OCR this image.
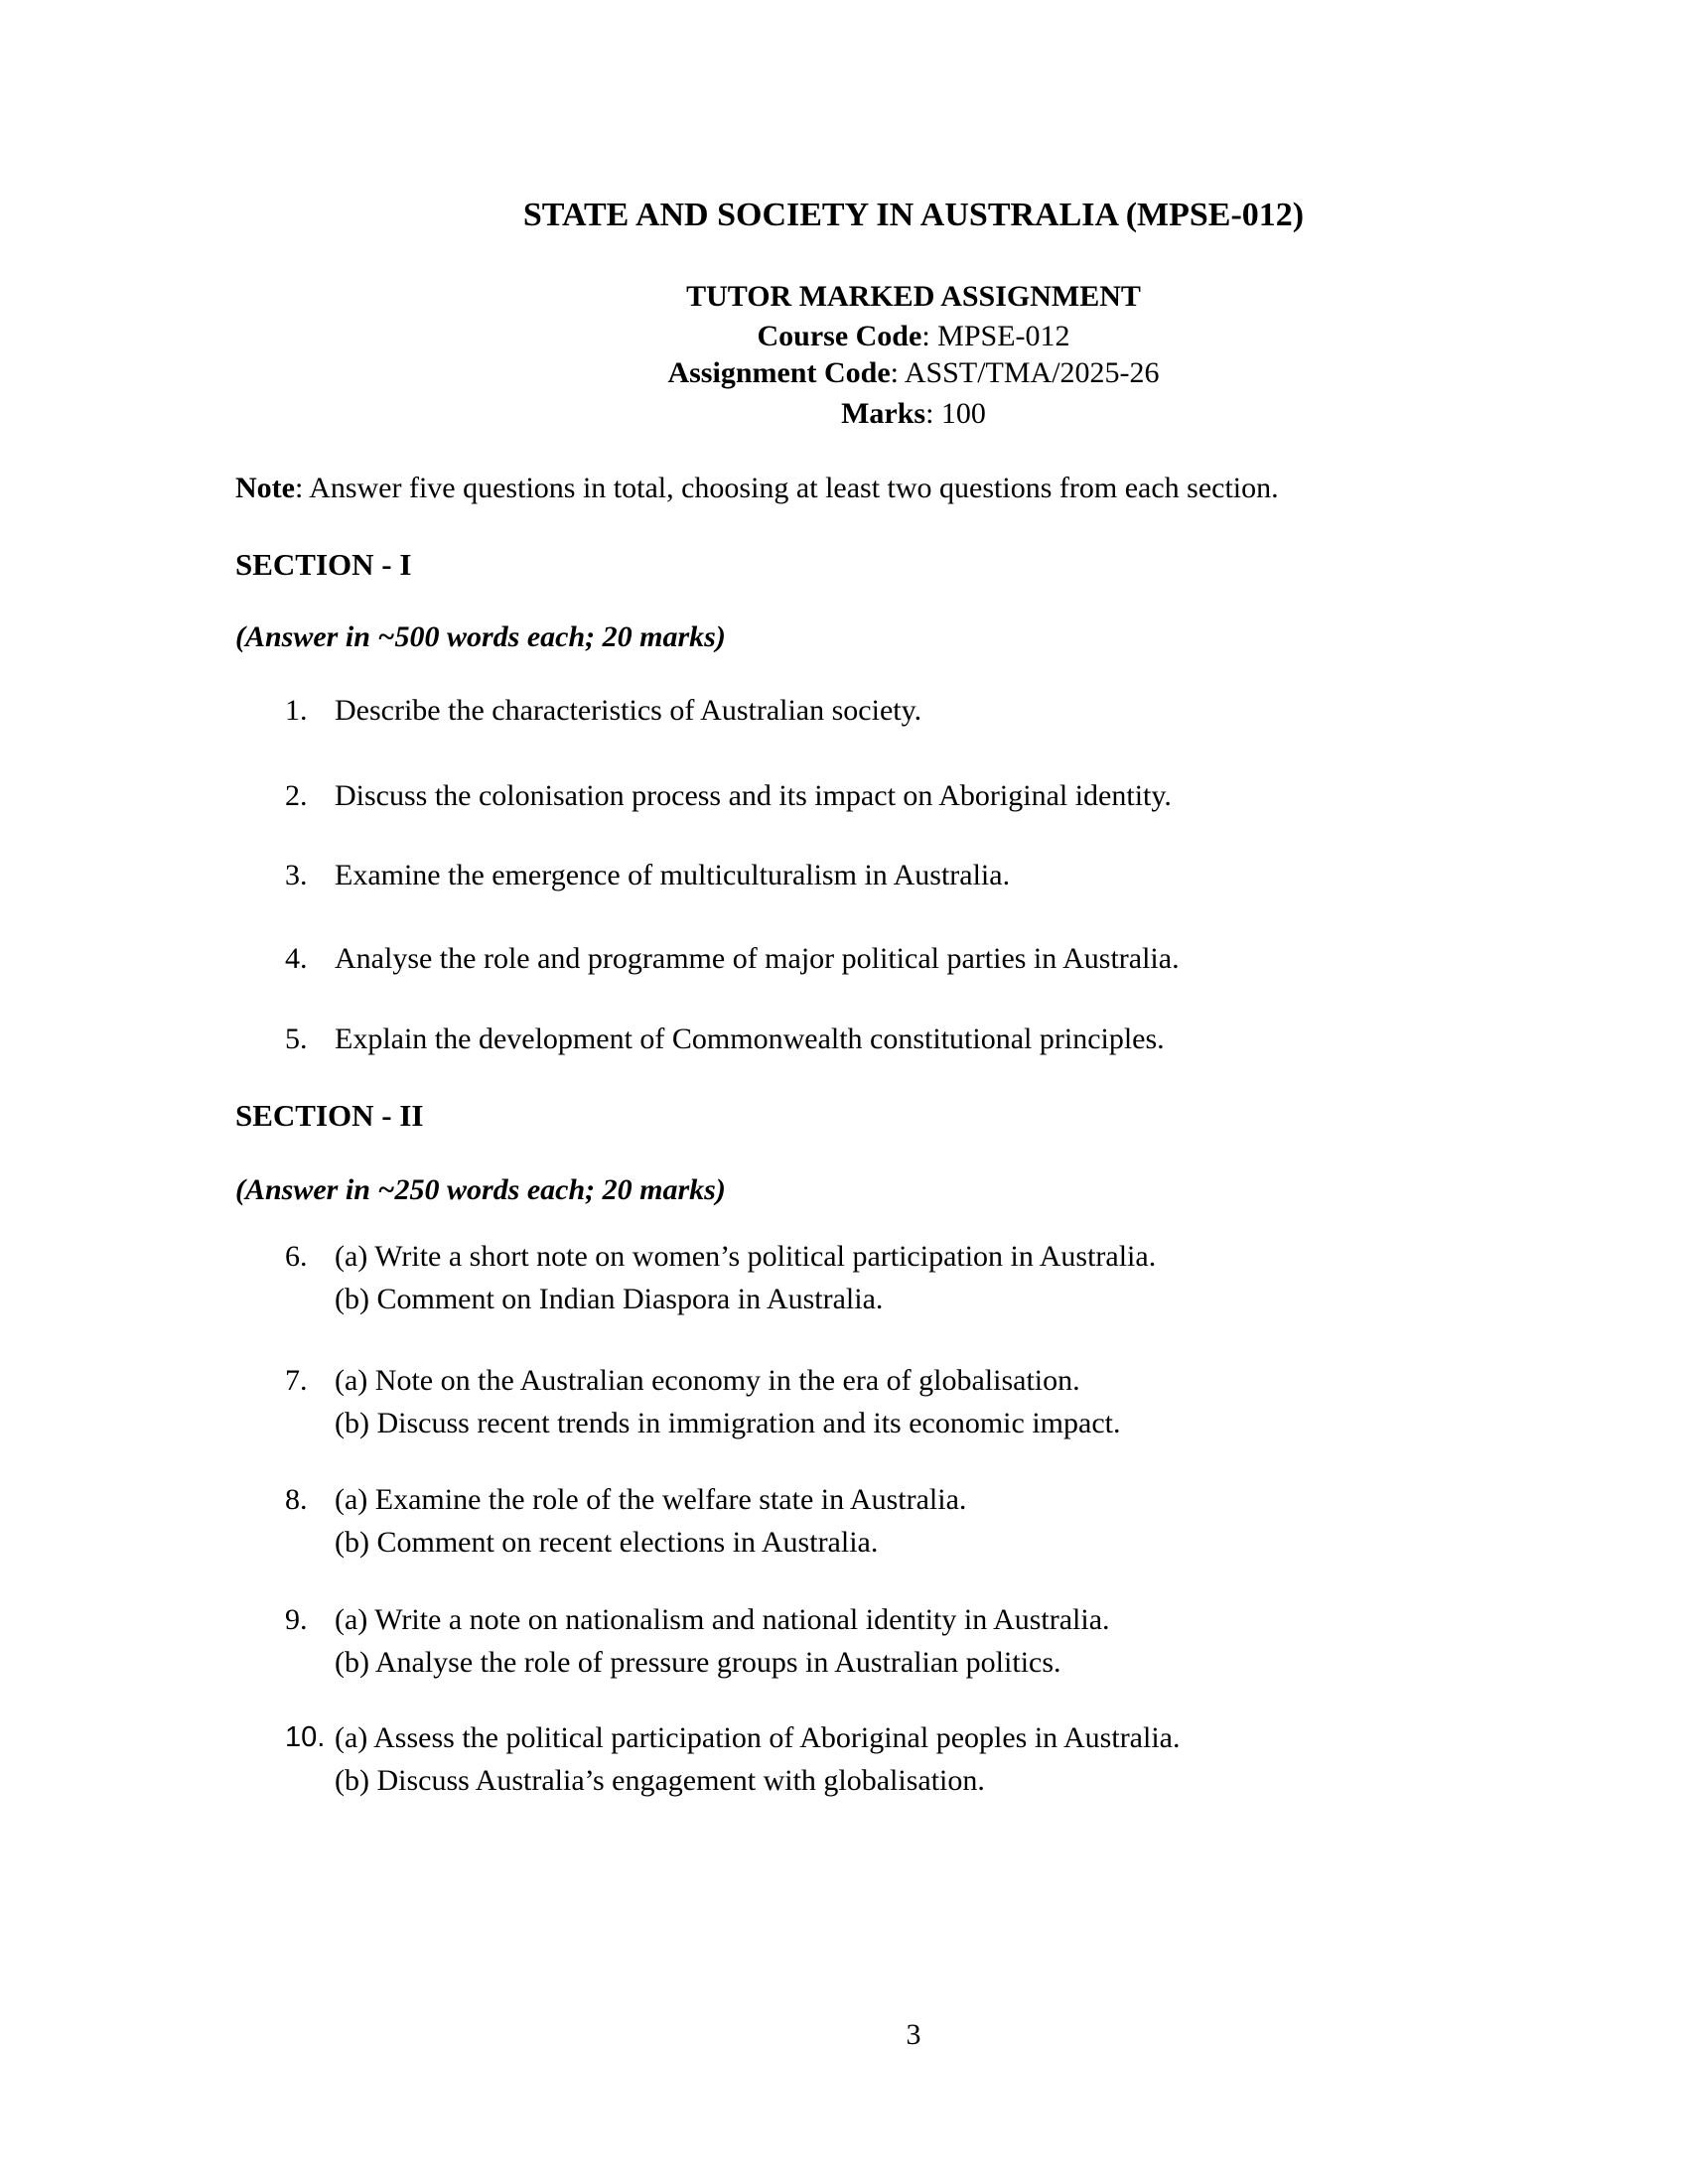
STATE AND SOCIETY IN AUSTRALIA (MPSE-012)
TUTOR MARKED ASSIGNMENT
Course Code: MPSE-012
Assignment Code: ASST/TMA/2025-26
Marks: 100
Note: Answer five questions in total, choosing at least two questions from each section.
SECTION - I
(Answer in ~500 words each; 20 marks)
1. Describe the characteristics of Australian society.
2. Discuss the colonisation process and its impact on Aboriginal identity.
3. Examine the emergence of multiculturalism in Australia.
4. Analyse the role and programme of major political parties in Australia.
5. Explain the development of Commonwealth constitutional principles.
SECTION - II
(Answer in ~250 words each; 20 marks)
6. (a) Write a short note on women’s political participation in Australia.
(b) Comment on Indian Diaspora in Australia.
7. (a) Note on the Australian economy in the era of globalisation.
(b) Discuss recent trends in immigration and its economic impact.
8. (a) Examine the role of the welfare state in Australia.
(b) Comment on recent elections in Australia.
9. (a) Write a note on nationalism and national identity in Australia.
(b) Analyse the role of pressure groups in Australian politics.
10. (a) Assess the political participation of Aboriginal peoples in Australia.
(b) Discuss Australia’s engagement with globalisation.
3
